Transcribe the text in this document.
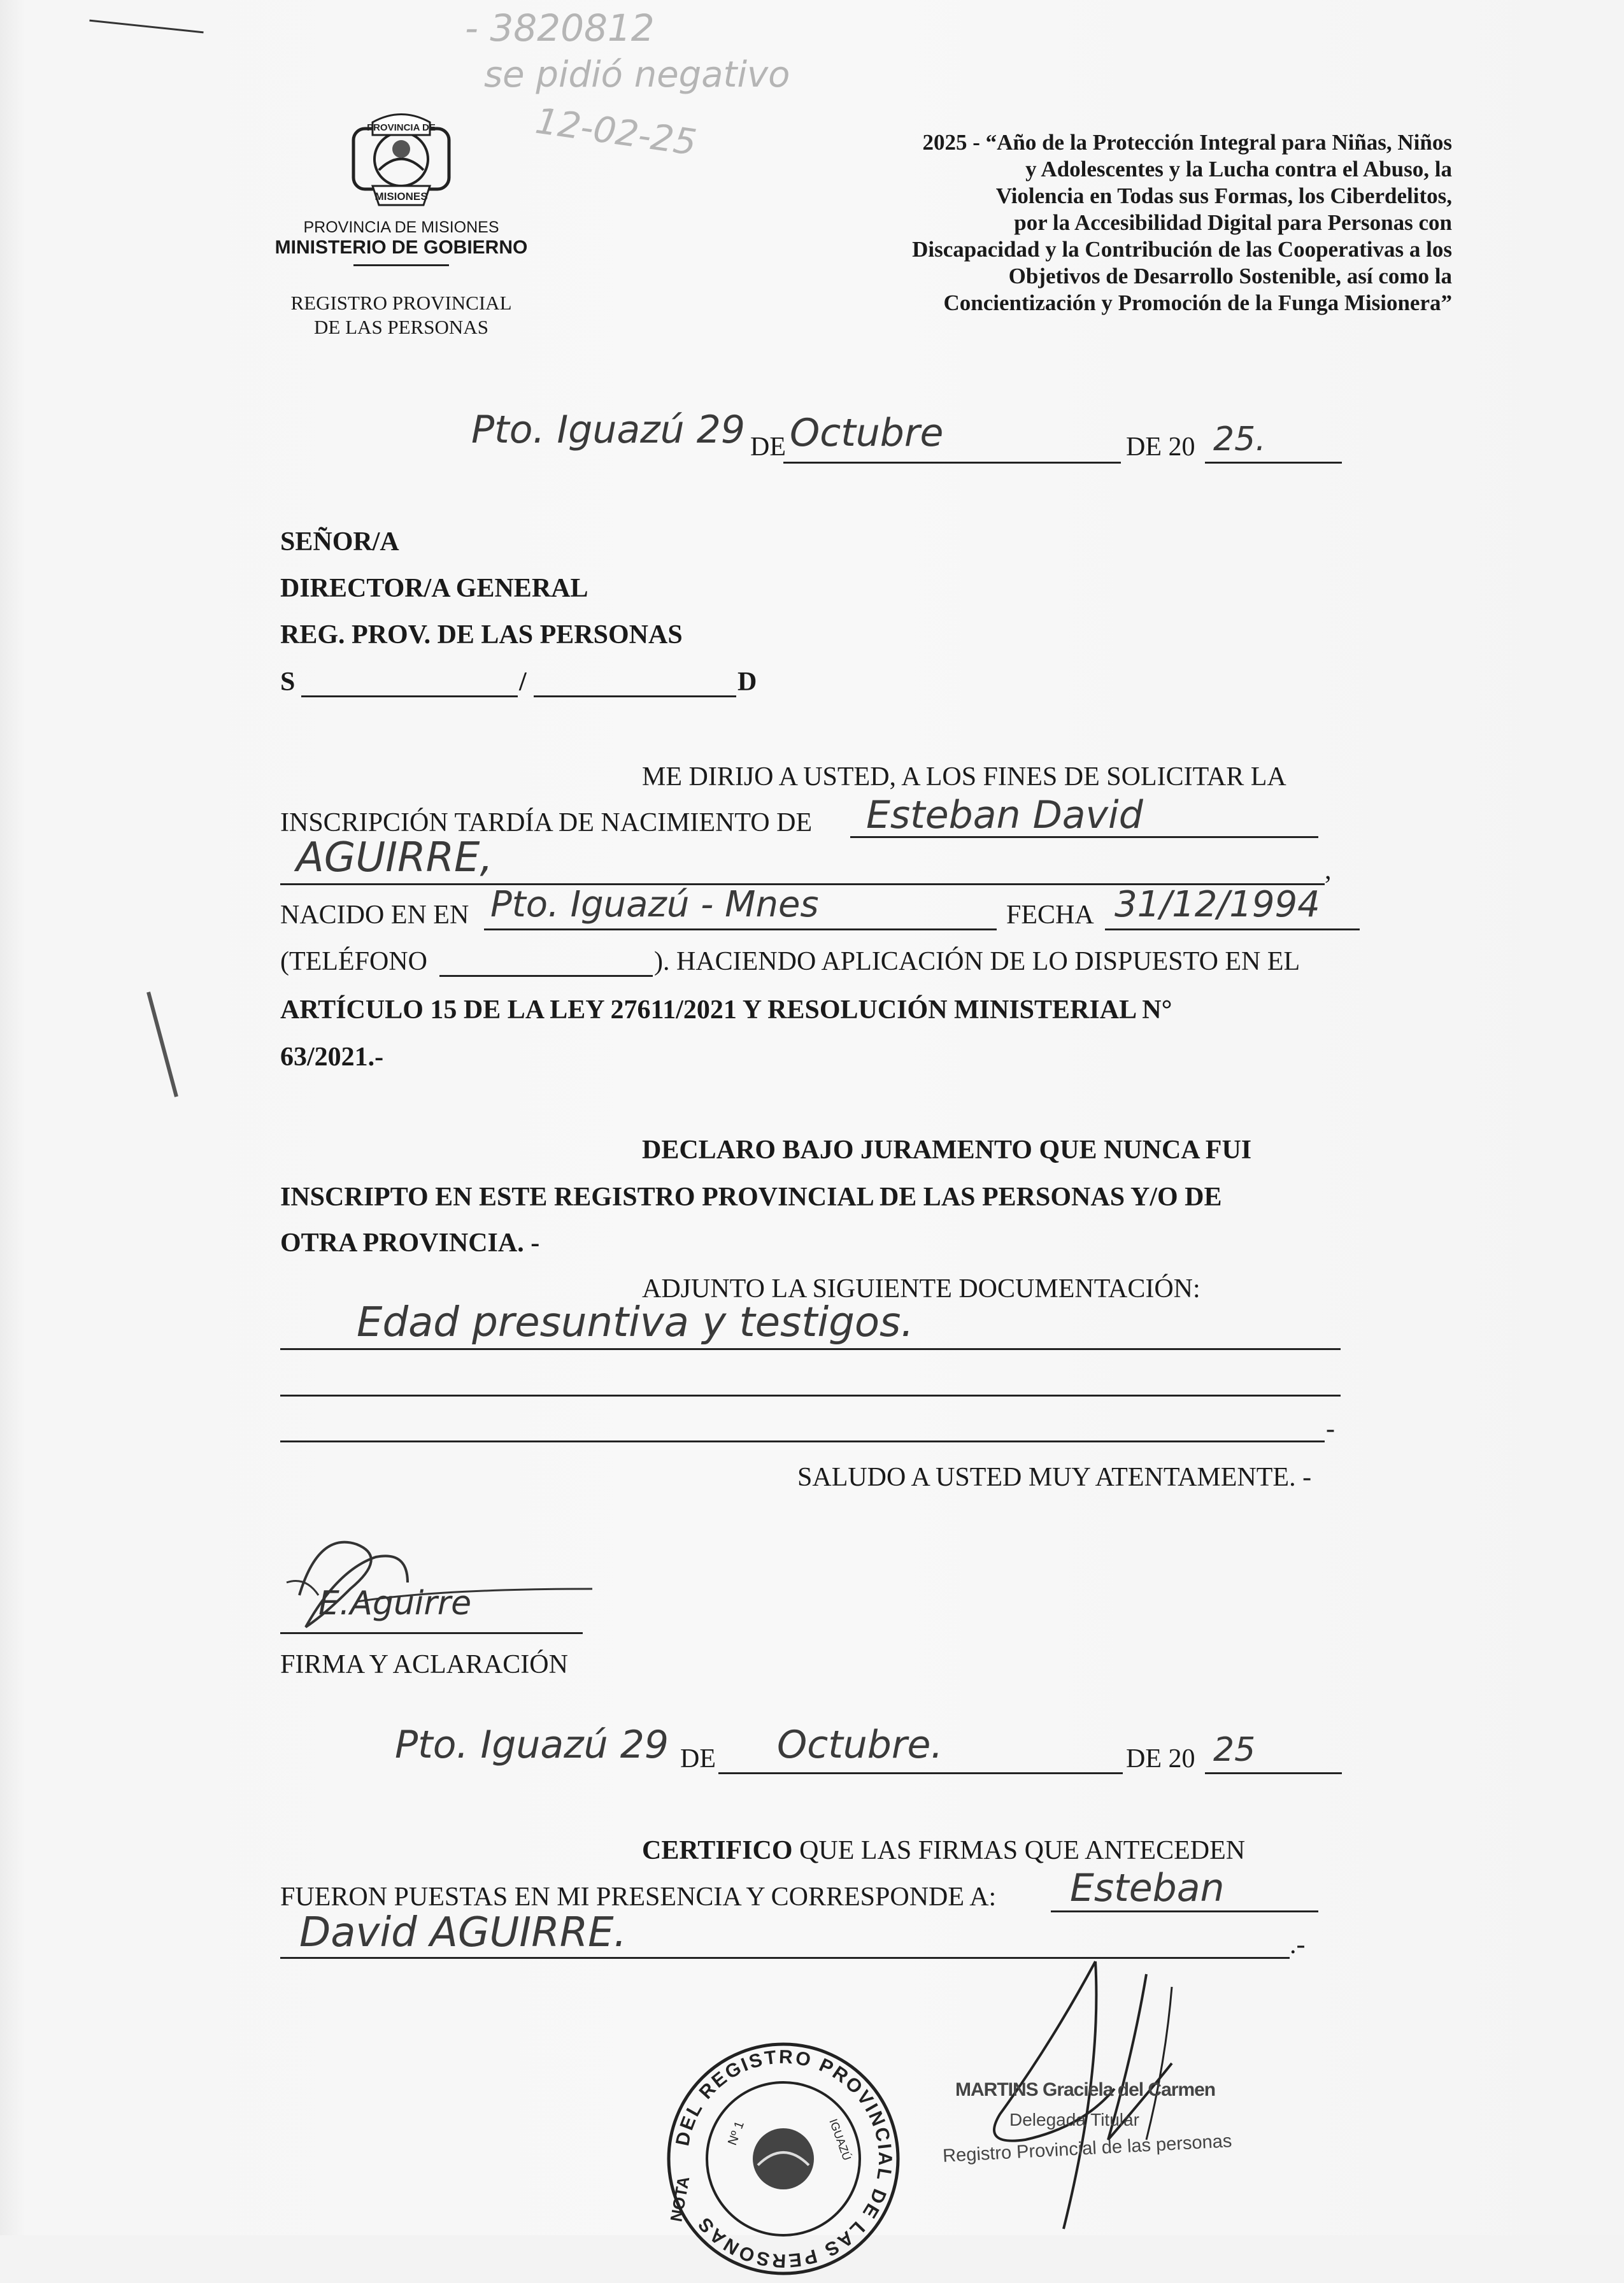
- 3820812
se pidió negativo
12-02-25
PROVINCIA DE
MISIONES
PROVINCIA DE MISIONES
MINISTERIO DE GOBIERNO
REGISTRO PROVINCIAL
DE LAS PERSONAS
2025 - “Año de la Protección Integral para Niñas, Niños
y Adolescentes y la Lucha contra el Abuso, la
Violencia en Todas sus Formas, los Ciberdelitos,
por la Accesibilidad Digital para Personas con
Discapacidad y la Contribución de las Cooperativas a los
Objetivos de Desarrollo Sostenible, así como la
Concientización y Promoción de la Funga Misionera”
Pto. Iguazú 29 DE Octubre	DE 20 25.
SEÑOR/A
DIRECTOR/A GENERAL
REG. PROV. DE LAS PERSONAS
S	/	D
ME DIRIJO A USTED, A LOS FINES DE SOLICITAR LA
INSCRIPCIÓN TARDÍA DE NACIMIENTO DE Esteban David
AGUIRRE,	,
NACIDO EN EN Pto. Iguazú - Mnes	FECHA 31/12/1994
(TELÉFONO	). HACIENDO APLICACIÓN DE LO DISPUESTO EN EL
ARTÍCULO 15 DE LA LEY 27611/2021 Y RESOLUCIÓN MINISTERIAL N°
63/2021.-
DECLARO BAJO JURAMENTO QUE NUNCA FUI
INSCRIPTO EN ESTE REGISTRO PROVINCIAL DE LAS PERSONAS Y/O DE
OTRA PROVINCIA. -
ADJUNTO LA SIGUIENTE DOCUMENTACIÓN:
Edad presuntiva y testigos.
-
SALUDO A USTED MUY ATENTAMENTE. -
E.Aguirre
FIRMA Y ACLARACIÓN
Pto. Iguazú 29 DE Octubre.	DE 20 25
CERTIFICO QUE LAS FIRMAS QUE ANTECEDEN
FUERON PUESTAS EN MI PRESENCIA Y CORRESPONDE A: Esteban
David AGUIRRE.	.-
MARTINS Graciela del Carmen
Delegada Titular
Registro Provincial de las personas
DEL REGISTRO PROVINCIAL DE LAS PERSONAS
Nº 1	IGUAZÚ
NOTA
